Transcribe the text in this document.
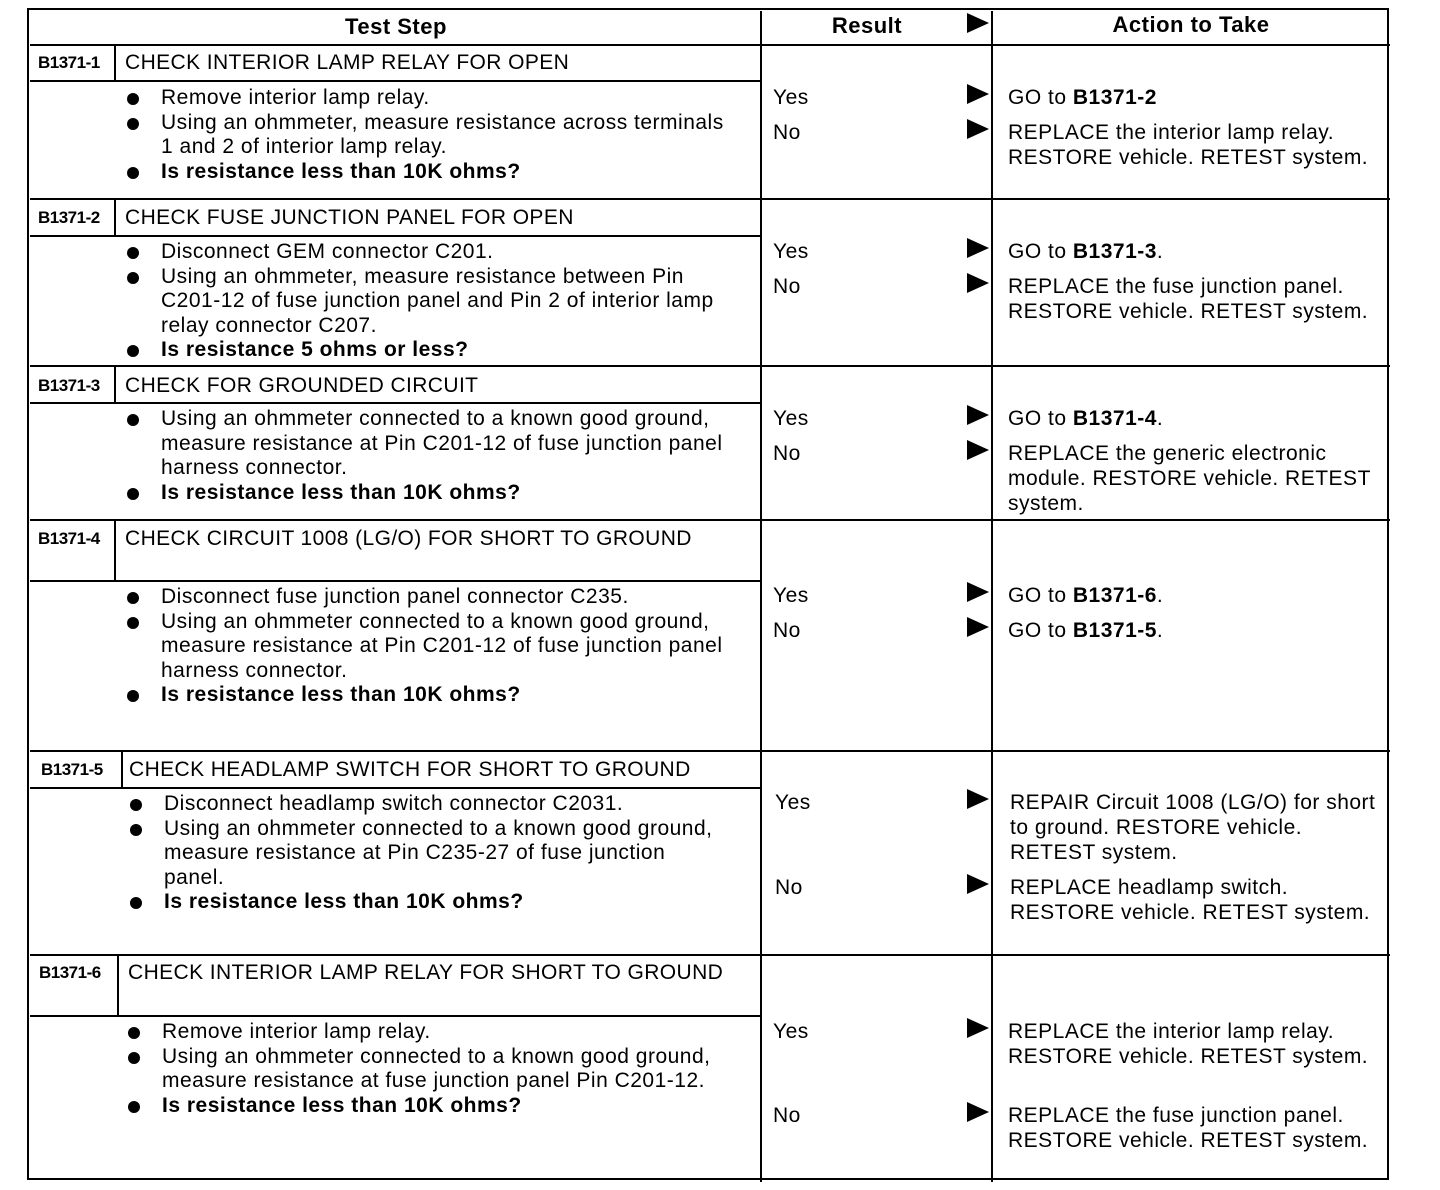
Test Step	Result	Action to Take
B1371-1 CHECK INTERIOR LAMP RELAY FOR OPEN
Remove interior lamp relay.
Using an ohmmeter, measure resistance across terminals 1 and 2 of interior lamp relay.
Is resistance less than 10K ohms?
Yes	GO to B1371-2
No	REPLACE the interior lamp relay. RESTORE vehicle. RETEST system.
B1371-2 CHECK FUSE JUNCTION PANEL FOR OPEN
Disconnect GEM connector C201.
Using an ohmmeter, measure resistance between Pin C201-12 of fuse junction panel and Pin 2 of interior lamp relay connector C207.
Is resistance 5 ohms or less?
Yes	GO to B1371-3.
No	REPLACE the fuse junction panel. RESTORE vehicle. RETEST system.
B1371-3 CHECK FOR GROUNDED CIRCUIT
Using an ohmmeter connected to a known good ground, measure resistance at Pin C201-12 of fuse junction panel harness connector.
Is resistance less than 10K ohms?
Yes	GO to B1371-4.
No	REPLACE the generic electronic module. RESTORE vehicle. RETEST system.
B1371-4 CHECK CIRCUIT 1008 (LG/O) FOR SHORT TO GROUND
Disconnect fuse junction panel connector C235.
Using an ohmmeter connected to a known good ground, measure resistance at Pin C201-12 of fuse junction panel harness connector.
Is resistance less than 10K ohms?
Yes	GO to B1371-6.
No	GO to B1371-5.
B1371-5 CHECK HEADLAMP SWITCH FOR SHORT TO GROUND
Disconnect headlamp switch connector C2031.
Using an ohmmeter connected to a known good ground, measure resistance at Pin C235-27 of fuse junction panel.
Is resistance less than 10K ohms?
Yes	REPAIR Circuit 1008 (LG/O) for short to ground. RESTORE vehicle. RETEST system.
No	REPLACE headlamp switch. RESTORE vehicle. RETEST system.
B1371-6 CHECK INTERIOR LAMP RELAY FOR SHORT TO GROUND
Remove interior lamp relay.
Using an ohmmeter connected to a known good ground, measure resistance at fuse junction panel Pin C201-12.
Is resistance less than 10K ohms?
Yes	REPLACE the interior lamp relay. RESTORE vehicle. RETEST system.
No	REPLACE the fuse junction panel. RESTORE vehicle. RETEST system.
